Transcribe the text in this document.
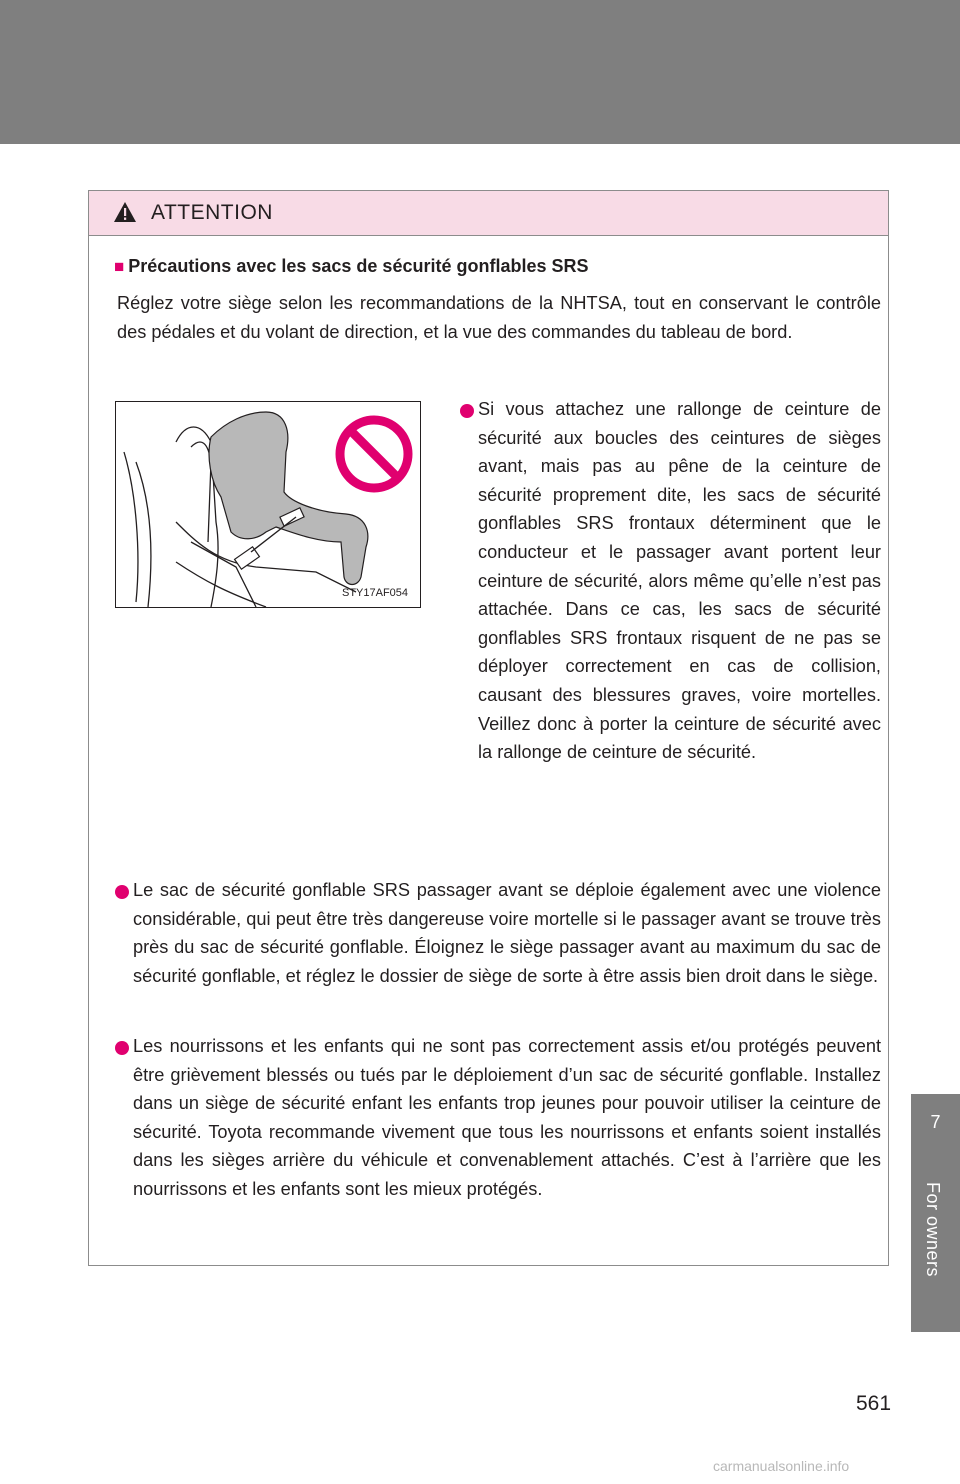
7
For owners
ATTENTION
■ Précautions avec les sacs de sécurité gonflables SRS
Réglez votre siège selon les recommandations de la NHTSA, tout en conservant le contrôle des pédales et du volant de direction, et la vue des commandes du tableau de bord.
STY17AF054
Si vous attachez une rallonge de ceinture de sécurité aux boucles des ceintures de sièges avant, mais pas au pêne de la ceinture de sécurité proprement dite, les sacs de sécurité gonflables SRS frontaux déterminent que le conducteur et le passager avant portent leur ceinture de sécurité, alors même qu’elle n’est pas attachée. Dans ce cas, les sacs de sécurité gonflables SRS frontaux risquent de ne pas se déployer correctement en cas de collision, causant des blessures graves, voire mortelles. Veillez donc à porter la ceinture de sécurité avec la rallonge de ceinture de sécurité.
Le sac de sécurité gonflable SRS passager avant se déploie également avec une violence considérable, qui peut être très dangereuse voire mortelle si le passager avant se trouve très près du sac de sécurité gonflable. Éloignez le siège passager avant au maximum du sac de sécurité gonflable, et réglez le dossier de siège de sorte à être assis bien droit dans le siège.
Les nourrissons et les enfants qui ne sont pas correctement assis et/ou protégés peuvent être grièvement blessés ou tués par le déploiement d’un sac de sécurité gonflable. Installez dans un siège de sécurité enfant les enfants trop jeunes pour pouvoir utiliser la ceinture de sécurité. Toyota recommande vivement que tous les nourrissons et enfants soient installés dans les sièges arrière du véhicule et convenablement attachés. C’est à l’arrière que les nourrissons et les enfants sont les mieux protégés.
561
carmanualsonline.info
